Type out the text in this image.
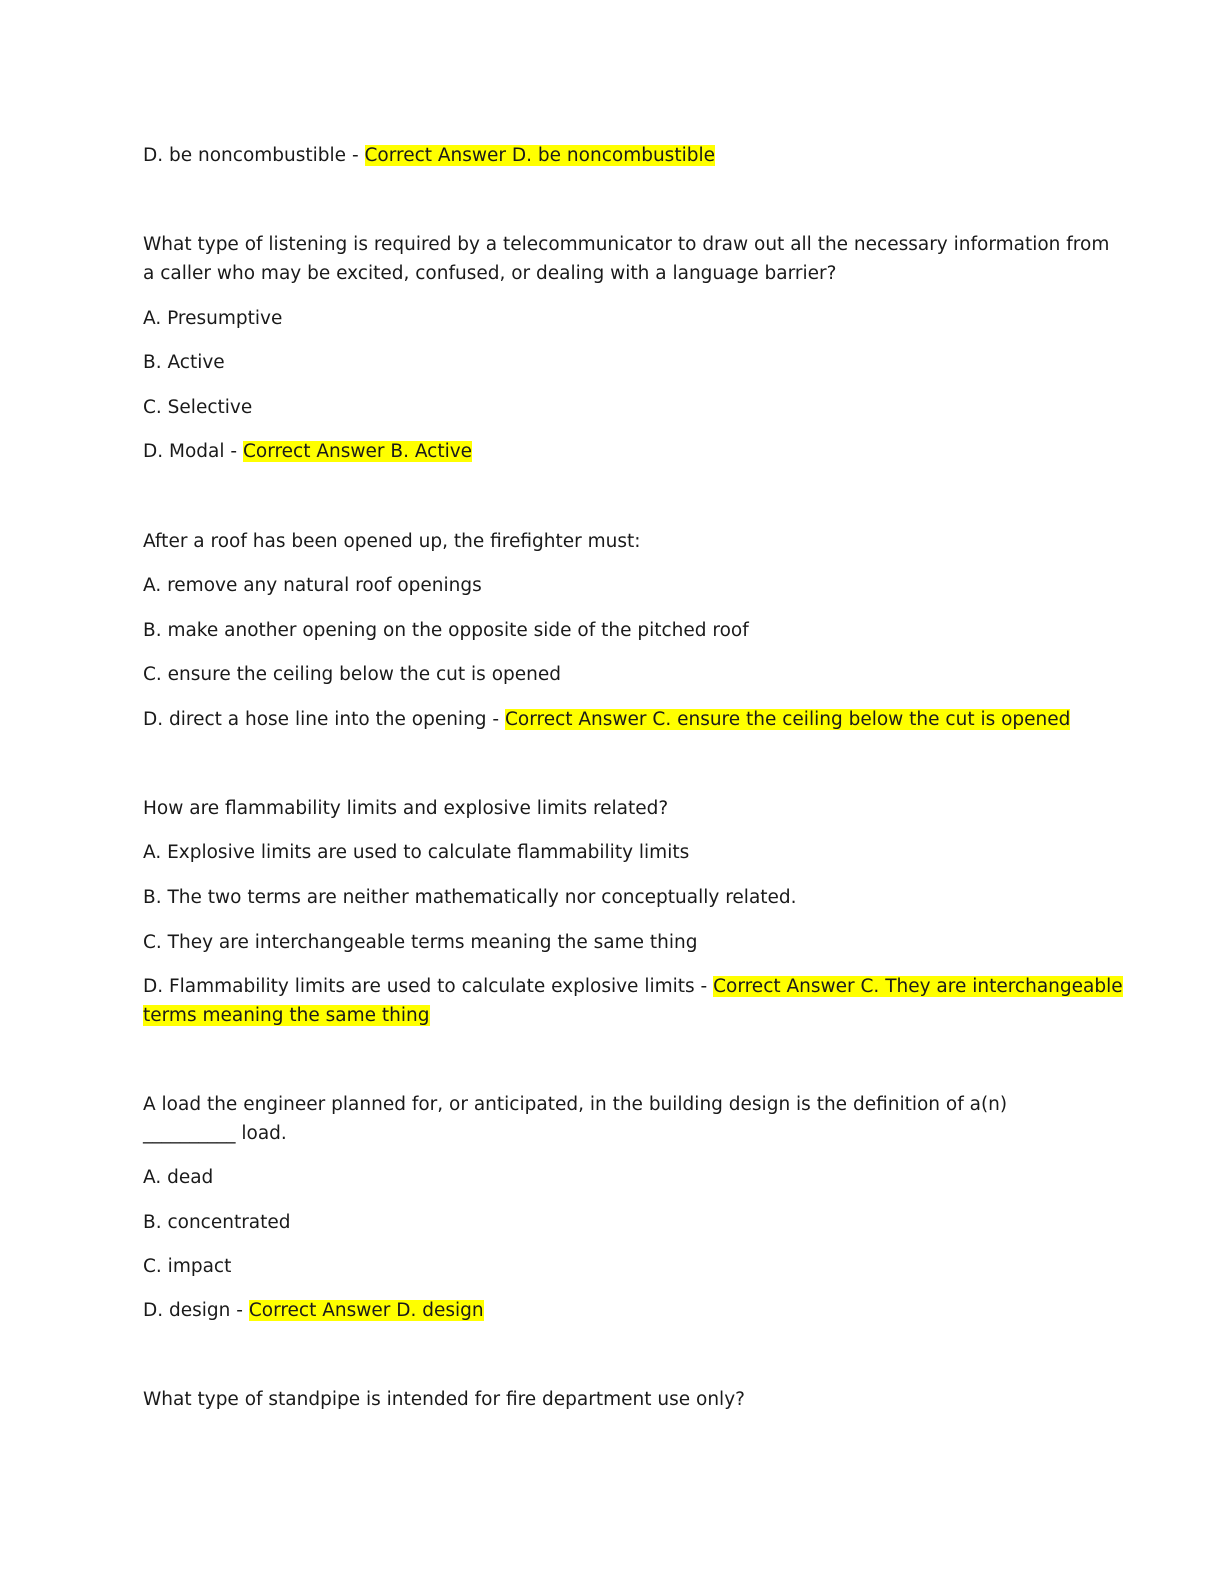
D. be noncombustible - Correct Answer D. be noncombustible
What type of listening is required by a telecommunicator to draw out all the necessary information from
a caller who may be excited, confused, or dealing with a language barrier?
A. Presumptive
B. Active
C. Selective
D. Modal - Correct Answer B. Active
After a roof has been opened up, the firefighter must:
A. remove any natural roof openings
B. make another opening on the opposite side of the pitched roof
C. ensure the ceiling below the cut is opened
D. direct a hose line into the opening - Correct Answer C. ensure the ceiling below the cut is opened
How are flammability limits and explosive limits related?
A. Explosive limits are used to calculate flammability limits
B. The two terms are neither mathematically nor conceptually related.
C. They are interchangeable terms meaning the same thing
D. Flammability limits are used to calculate explosive limits - Correct Answer C. They are interchangeable
terms meaning the same thing
A load the engineer planned for, or anticipated, in the building design is the definition of a(n)
__________ load.
A. dead
B. concentrated
C. impact
D. design - Correct Answer D. design
What type of standpipe is intended for fire department use only?
